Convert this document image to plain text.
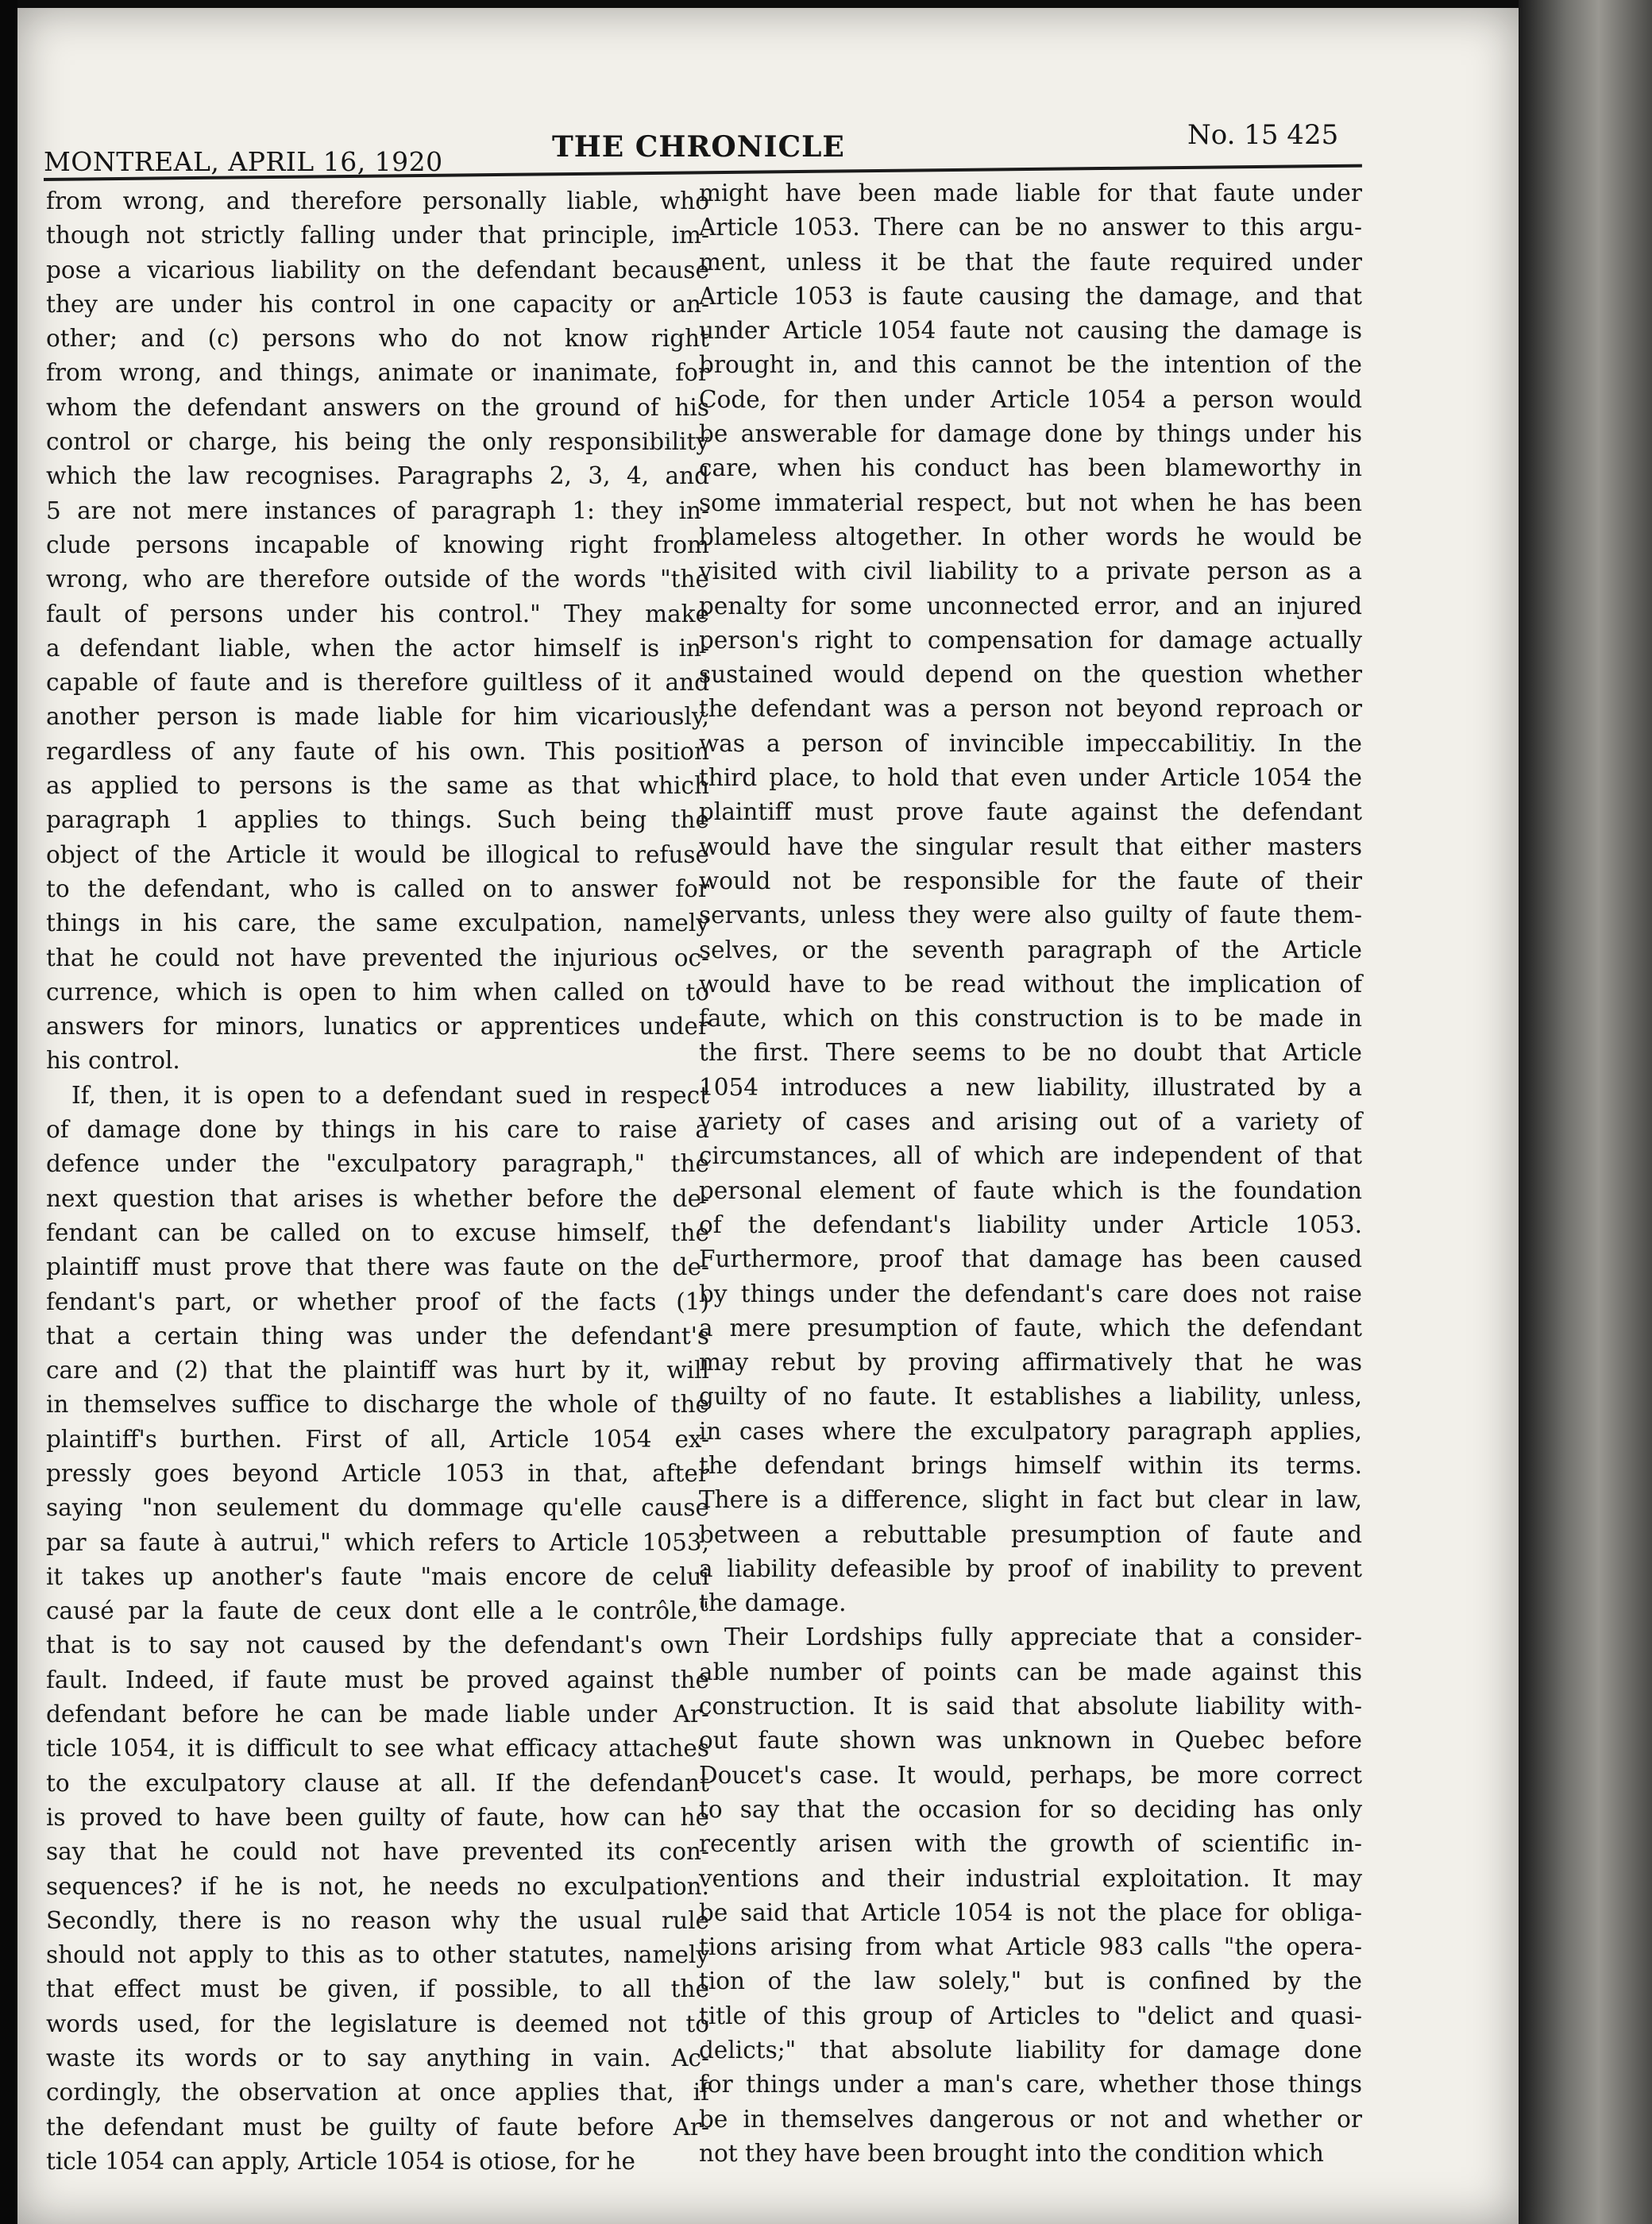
MONTREAL, APRIL 16, 1920	THE CHRONICLE	No. 15 425

from wrong, and therefore personally liable, who

though not strictly falling under that principle, im-

pose a vicarious liability on the defendant because

they are under his control in one capacity or an-

other; and (c) persons who do not know right

from wrong, and things, animate or inanimate, for

whom the defendant answers on the ground of his

control or charge, his being the only responsibility

which the law recognises. Paragraphs 2, 3, 4, and

5 are not mere instances of paragraph 1: they in-

clude persons incapable of knowing right from

wrong, who are therefore outside of the words "the

fault of persons under his control." They make

a defendant liable, when the actor himself is in-

capable of faute and is therefore guiltless of it and

another person is made liable for him vicariously,

regardless of any faute of his own. This position

as applied to persons is the same as that which

paragraph 1 applies to things. Such being the

object of the Article it would be illogical to refuse

to the defendant, who is called on to answer for

things in his care, the same exculpation, namely

that he could not have prevented the injurious oc-

currence, which is open to him when called on to

answers for minors, lunatics or apprentices under

his control.

If, then, it is open to a defendant sued in respect

of damage done by things in his care to raise a

defence under the "exculpatory paragraph," the

next question that arises is whether before the de-

fendant can be called on to excuse himself, the

plaintiff must prove that there was faute on the de-

fendant's part, or whether proof of the facts (1)

that a certain thing was under the defendant's

care and (2) that the plaintiff was hurt by it, will

in themselves suffice to discharge the whole of the

plaintiff's burthen. First of all, Article 1054 ex-

pressly goes beyond Article 1053 in that, after

saying "non seulement du dommage qu'elle cause

par sa faute à autrui," which refers to Article 1053,

it takes up another's faute "mais encore de celui

causé par la faute de ceux dont elle a le contrôle,"

that is to say not caused by the defendant's own

fault. Indeed, if faute must be proved against the

defendant before he can be made liable under Ar-

ticle 1054, it is difficult to see what efficacy attaches

to the exculpatory clause at all. If the defendant

is proved to have been guilty of faute, how can he

say that he could not have prevented its con-

sequences? if he is not, he needs no exculpation.

Secondly, there is no reason why the usual rule

should not apply to this as to other statutes, namely

that effect must be given, if possible, to all the

words used, for the legislature is deemed not to

waste its words or to say anything in vain. Ac-

cordingly, the observation at once applies that, if

the defendant must be guilty of faute before Ar-

ticle 1054 can apply, Article 1054 is otiose, for he

might have been made liable for that faute under

Article 1053. There can be no answer to this argu-

ment, unless it be that the faute required under

Article 1053 is faute causing the damage, and that

under Article 1054 faute not causing the damage is

brought in, and this cannot be the intention of the

Code, for then under Article 1054 a person would

be answerable for damage done by things under his

care, when his conduct has been blameworthy in

some immaterial respect, but not when he has been

blameless altogether. In other words he would be

visited with civil liability to a private person as a

penalty for some unconnected error, and an injured

person's right to compensation for damage actually

sustained would depend on the question whether

the defendant was a person not beyond reproach or

was a person of invincible impeccabilitiy. In the

third place, to hold that even under Article 1054 the

plaintiff must prove faute against the defendant

would have the singular result that either masters

would not be responsible for the faute of their

servants, unless they were also guilty of faute them-

selves, or the seventh paragraph of the Article

would have to be read without the implication of

faute, which on this construction is to be made in

the first. There seems to be no doubt that Article

1054 introduces a new liability, illustrated by a

variety of cases and arising out of a variety of

circumstances, all of which are independent of that

personal element of faute which is the foundation

of the defendant's liability under Article 1053.

Furthermore, proof that damage has been caused

by things under the defendant's care does not raise

a mere presumption of faute, which the defendant

may rebut by proving affirmatively that he was

guilty of no faute. It establishes a liability, unless,

in cases where the exculpatory paragraph applies,

the defendant brings himself within its terms.

There is a difference, slight in fact but clear in law,

between a rebuttable presumption of faute and

a liability defeasible by proof of inability to prevent

the damage.

Their Lordships fully appreciate that a consider-

able number of points can be made against this

construction. It is said that absolute liability with-

out faute shown was unknown in Quebec before

Doucet's case. It would, perhaps, be more correct

to say that the occasion for so deciding has only

recently arisen with the growth of scientific in-

ventions and their industrial exploitation. It may

be said that Article 1054 is not the place for obliga-

tions arising from what Article 983 calls "the opera-

tion of the law solely," but is confined by the

title of this group of Articles to "delict and quasi-

delicts;" that absolute liability for damage done

for things under a man's care, whether those things

be in themselves dangerous or not and whether or

not they have been brought into the condition which
